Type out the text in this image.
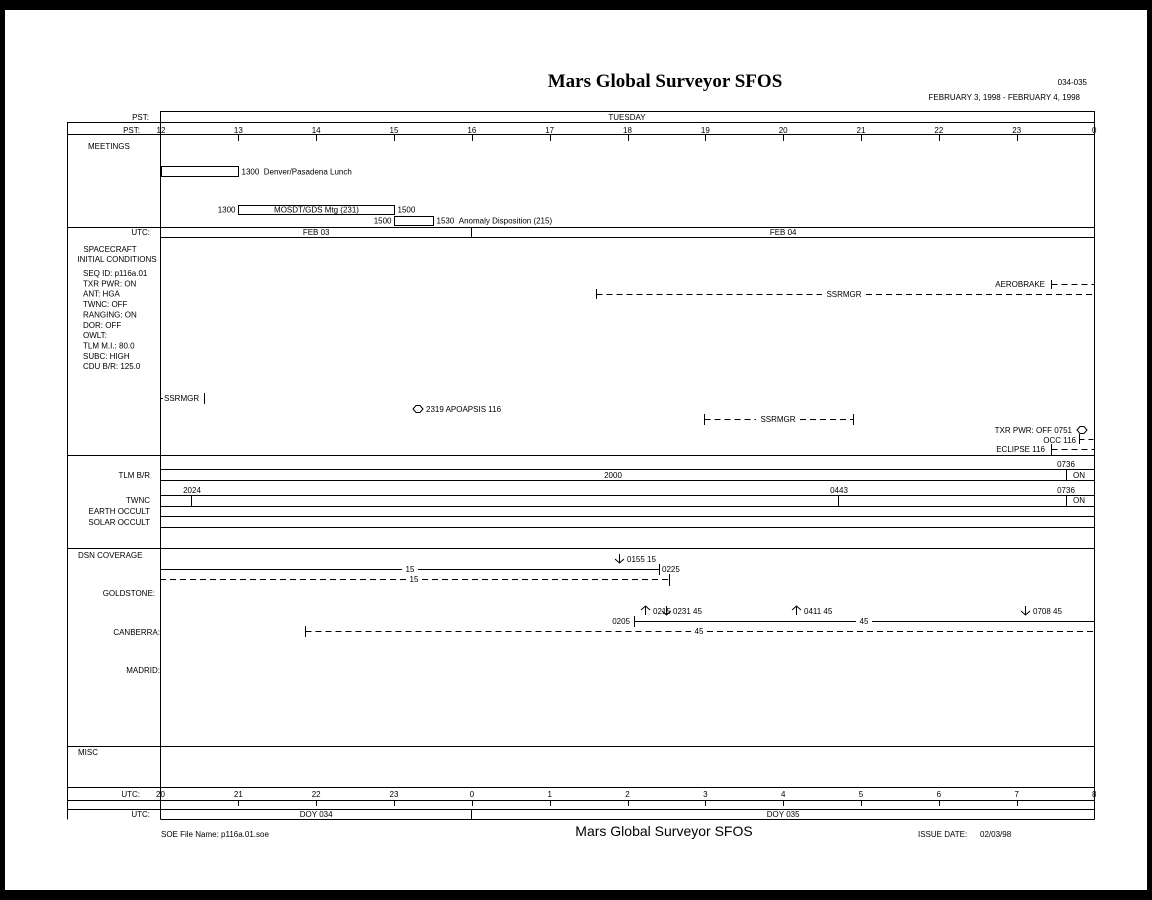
12	13	14	15	16	17	18	19	20	21	22	23	0
20	21	22	23	0	1	2	3	4	5	6	7	8
Mars Global Surveyor SFOS	034-035
FEBRUARY 3, 1998 - FEBRUARY 4, 1998
PST:	TUESDAY
PST:
MEETINGS
1300  Denver/Pasadena Lunch
1300	MOSDT/GDS Mtg (231)	1500
1500	1530  Anomaly Disposition (215)
UTC:	FEB 03	FEB 04
SPACECRAFT
INITIAL CONDITIONS
SEQ ID: p116a.01
TXR PWR: ON
ANT: HGA
TWNC: OFF
RANGING: ON
DOR: OFF
OWLT:
TLM M.I.: 80.0
SUBC: HIGH
CDU B/R: 125.0
AEROBRAKE
SSRMGR
SSRMGR
2319 APOAPSIS 116
SSRMGR
TXR PWR: OFF 0751
OCC 116
ECLIPSE 116
TLM B/R	2000
0736
ON
TWNC
2024	0443	0736
ON
EARTH OCCULT
SOLAR OCCULT
DSN COVERAGE
GOLDSTONE:
CANBERRA:
MADRID:
15
15
0155 15
0225
0205
0215 0231 45	0411 45	0708 45
45
45
MISC
UTC:
UTC:	DOY 034	DOY 035
SOE File Name: p116a.01.soe	Mars Global Surveyor SFOS	ISSUE DATE: 02/03/98
